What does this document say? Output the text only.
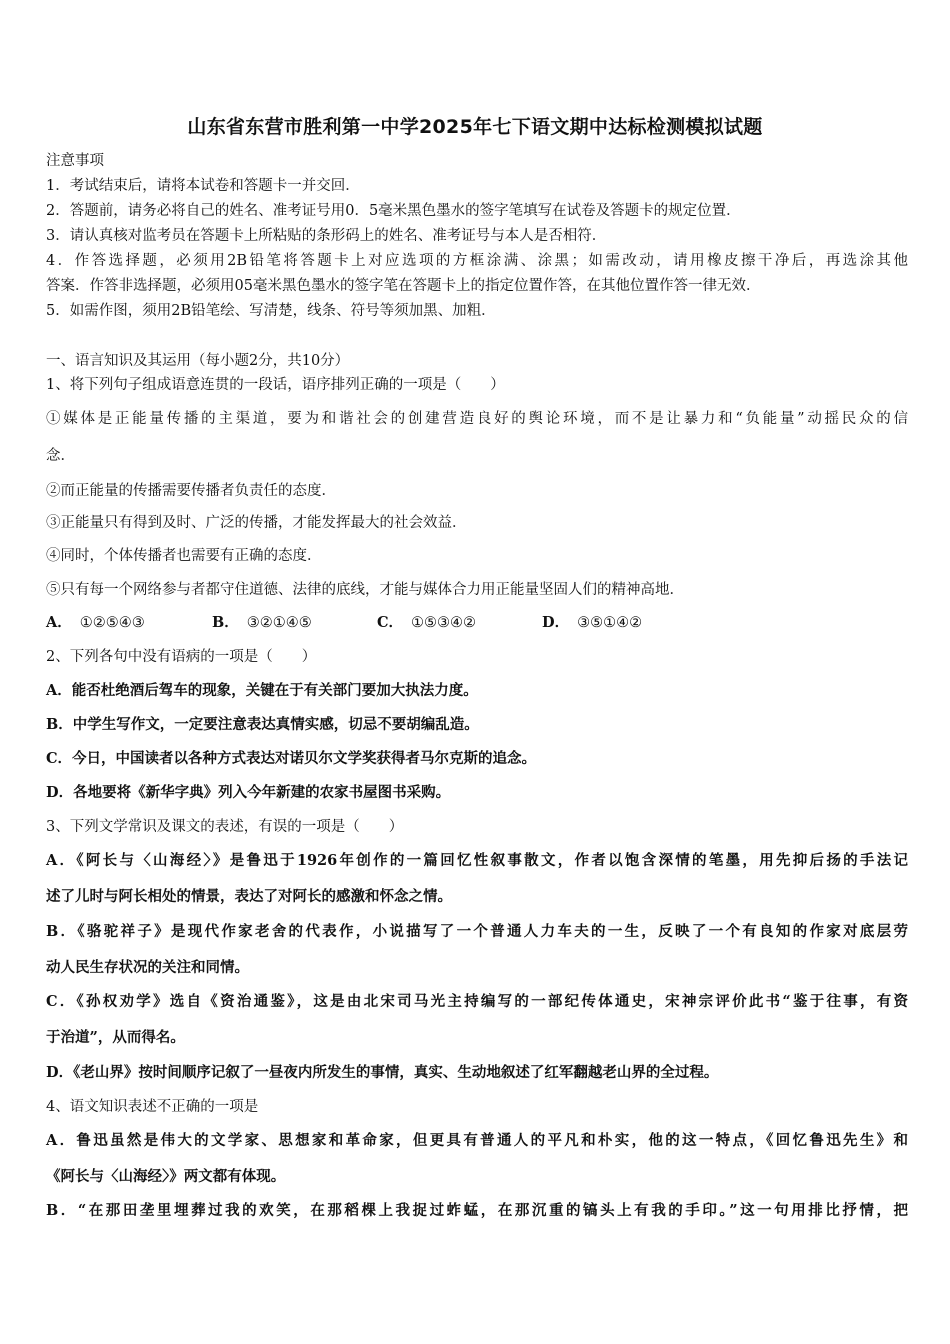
山东省东营市胜利第一中学2025年七下语文期中达标检测模拟试题
注意事项
1．考试结束后，请将本试卷和答题卡一并交回．
2．答题前，请务必将自己的姓名、准考证号用0．5毫米黑色墨水的签字笔填写在试卷及答题卡的规定位置．
3．请认真核对监考员在答题卡上所粘贴的条形码上的姓名、准考证号与本人是否相符．
4．作答选择题，必须用2B铅笔将答题卡上对应选项的方框涂满、涂黑；如需改动，请用橡皮擦干净后，再选涂其他
答案．作答非选择题，必须用05毫米黑色墨水的签字笔在答题卡上的指定位置作答，在其他位置作答一律无效．
5．如需作图，须用2B铅笔绘、写清楚，线条、符号等须加黑、加粗．
一、语言知识及其运用（每小题2分，共10分）
1、将下列句子组成语意连贯的一段话，语序排列正确的一项是（　　）
①媒体是正能量传播的主渠道，要为和谐社会的创建营造良好的舆论环境，而不是让暴力和“负能量”动摇民众的信
念．
②而正能量的传播需要传播者负责任的态度．
③正能量只有得到及时、广泛的传播，才能发挥最大的社会效益．
④同时，个体传播者也需要有正确的态度．
⑤只有每一个网络参与者都守住道德、法律的底线，才能与媒体合力用正能量坚固人们的精神高地．
A． ①②⑤④③	B． ③②①④⑤	C． ①⑤③④②	D． ③⑤①④②
2、下列各句中没有语病的一项是（　　）
A．能否杜绝酒后驾车的现象，关键在于有关部门要加大执法力度。
B．中学生写作文，一定要注意表达真情实感，切忌不要胡编乱造。
C．今日，中国读者以各种方式表达对诺贝尔文学奖获得者马尔克斯的追念。
D．各地要将《新华字典》列入今年新建的农家书屋图书采购。
3、下列文学常识及课文的表述，有误的一项是（　　）
A．《阿长与〈山海经〉》是鲁迅于1926年创作的一篇回忆性叙事散文，作者以饱含深情的笔墨，用先抑后扬的手法记
述了儿时与阿长相处的情景，表达了对阿长的感激和怀念之情。
B．《骆驼祥子》是现代作家老舍的代表作，小说描写了一个普通人力车夫的一生，反映了一个有良知的作家对底层劳
动人民生存状况的关注和同情。
C．《孙权劝学》选自《资治通鉴》，这是由北宋司马光主持编写的一部纪传体通史，宋神宗评价此书“鉴于往事，有资
于治道”，从而得名。
D．《老山界》按时间顺序记叙了一昼夜内所发生的事情，真实、生动地叙述了红军翻越老山界的全过程。
4、语文知识表述不正确的一项是
A．鲁迅虽然是伟大的文学家、思想家和革命家，但更具有普通人的平凡和朴实，他的这一特点，《回忆鲁迅先生》和
《阿长与〈山海经〉》两文都有体现。
B．“在那田垄里埋葬过我的欢笑，在那稻棵上我捉过蚱蜢，在那沉重的镐头上有我的手印。”这一句用排比抒情，把
